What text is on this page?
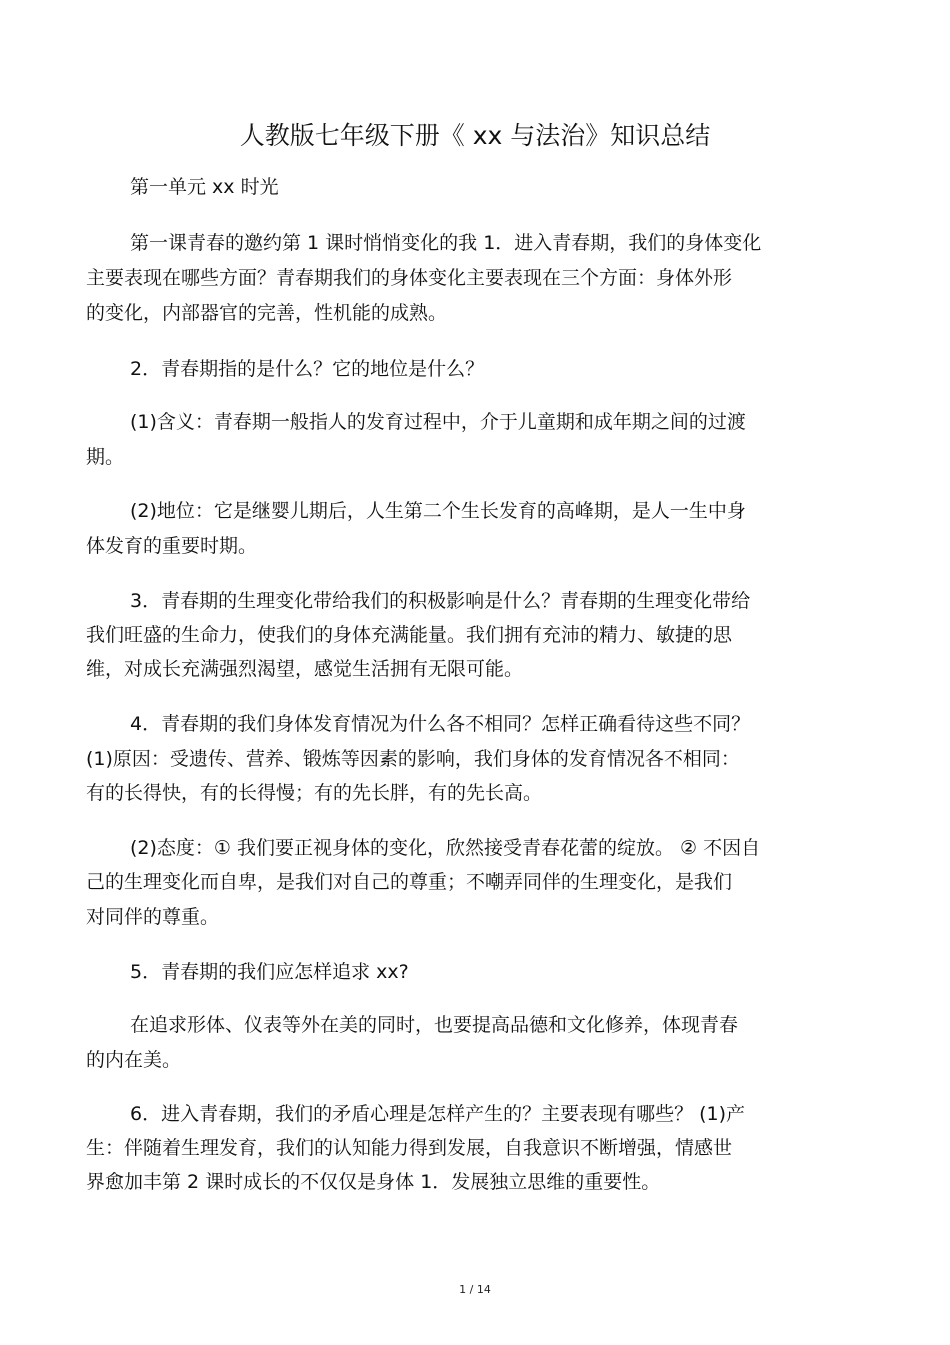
人教版七年级下册《 xx 与法治》知识总结
第一单元 xx 时光
第一课青春的邀约第 1 课时悄悄变化的我 1．进入青春期，我们的身体变化
主要表现在哪些方面？青春期我们的身体变化主要表现在三个方面：身体外形
的变化，内部器官的完善，性机能的成熟。
2．青春期指的是什么？它的地位是什么？
(1)含义：青春期一般指人的发育过程中，介于儿童期和成年期之间的过渡
期。
(2)地位：它是继婴儿期后，人生第二个生长发育的高峰期，是人一生中身
体发育的重要时期。
3．青春期的生理变化带给我们的积极影响是什么？青春期的生理变化带给
我们旺盛的生命力，使我们的身体充满能量。我们拥有充沛的精力、敏捷的思
维，对成长充满强烈渴望，感觉生活拥有无限可能。
4．青春期的我们身体发育情况为什么各不相同？怎样正确看待这些不同？
(1)原因：受遗传、营养、锻炼等因素的影响，我们身体的发育情况各不相同：
有的长得快，有的长得慢；有的先长胖，有的先长高。
(2)态度：① 我们要正视身体的变化，欣然接受青春花蕾的绽放。 ② 不因自
己的生理变化而自卑，是我们对自己的尊重；不嘲弄同伴的生理变化，是我们
对同伴的尊重。
5．青春期的我们应怎样追求 xx?
在追求形体、仪表等外在美的同时，也要提高品德和文化修养，体现青春
的内在美。
6．进入青春期，我们的矛盾心理是怎样产生的？主要表现有哪些？ (1)产
生：伴随着生理发育，我们的认知能力得到发展，自我意识不断增强，情感世
界愈加丰第 2 课时成长的不仅仅是身体 1．发展独立思维的重要性。
1 / 14
